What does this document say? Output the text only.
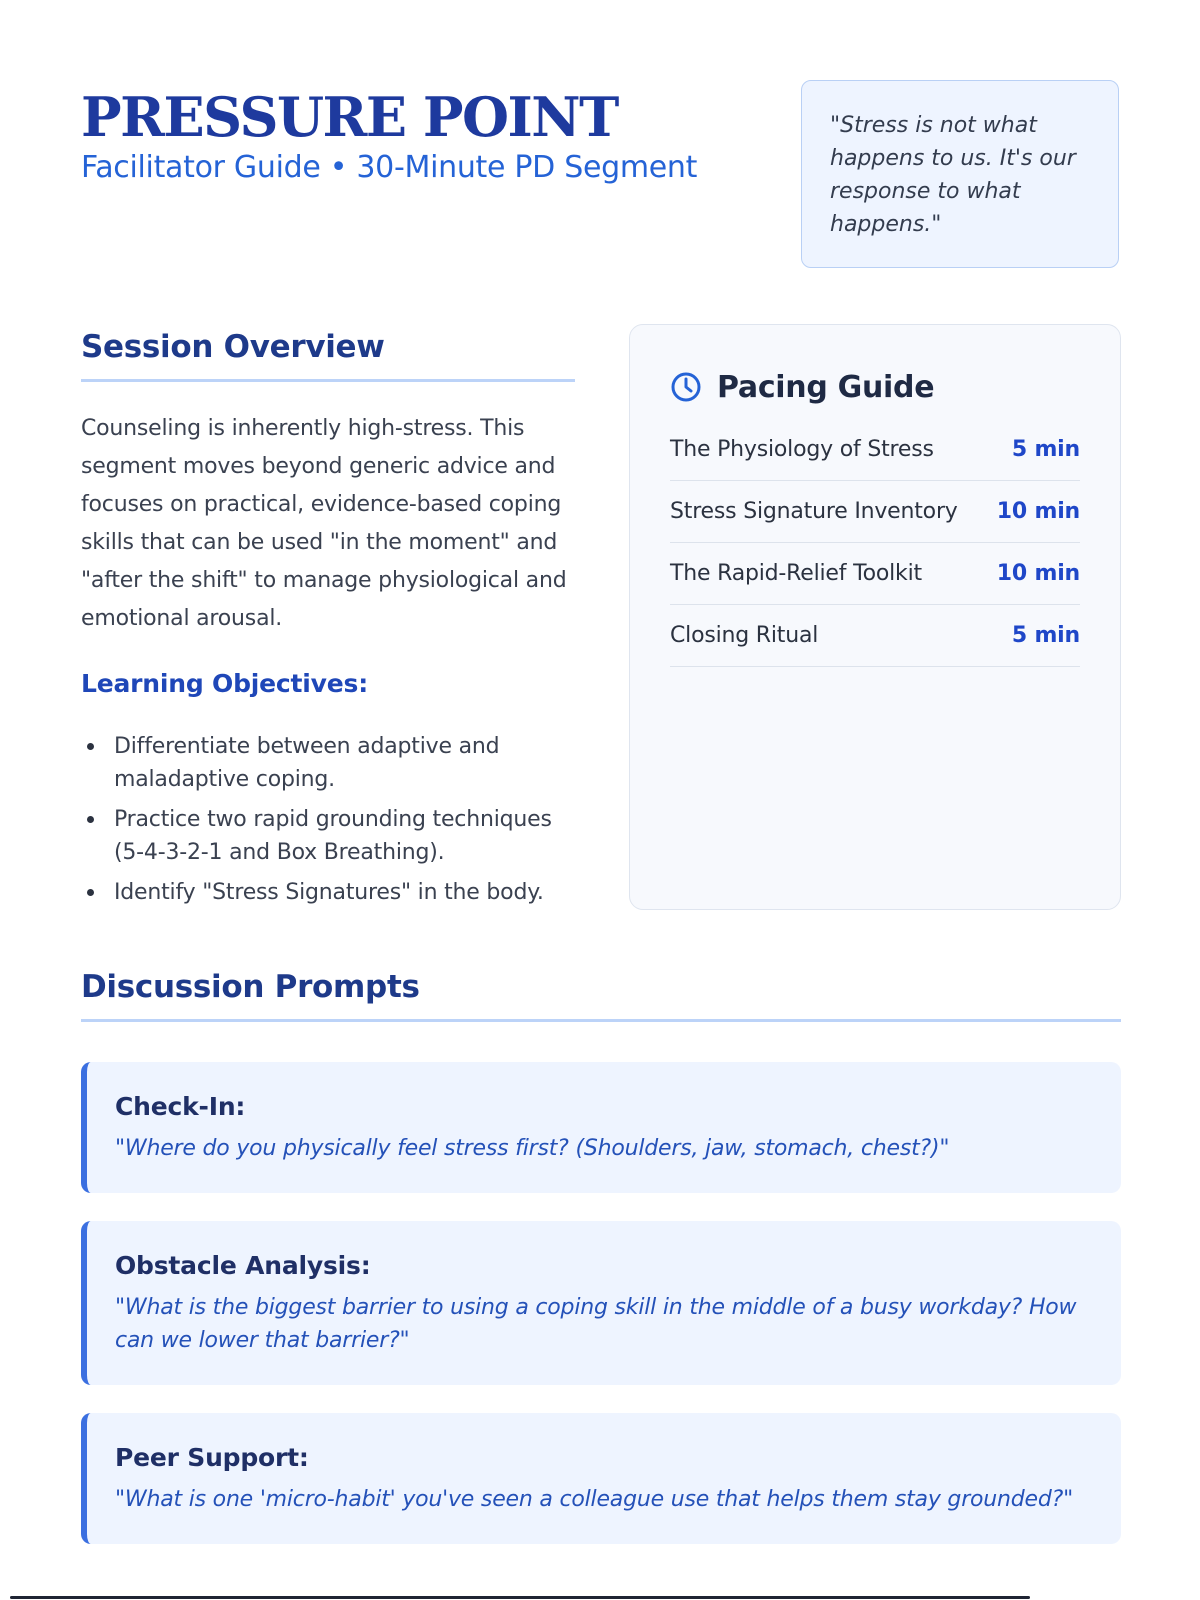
PRESSURE POINT
Facilitator Guide • 30-Minute PD Segment
"Stress is not what happens to us. It's our response to what happens."
Session Overview
Counseling is inherently high-stress. This segment moves beyond generic advice and focuses on practical, evidence-based coping skills that can be used "in the moment" and "after the shift" to manage physiological and emotional arousal.
Learning Objectives:
Differentiate between adaptive and maladaptive coping.
Practice two rapid grounding techniques (5-4-3-2-1 and Box Breathing).
Identify "Stress Signatures" in the body.
Pacing Guide
The Physiology of Stress	5 min
Stress Signature Inventory 10 min
The Rapid-Relief Toolkit	10 min
Closing Ritual	5 min
Discussion Prompts
Check-In:
"Where do you physically feel stress first? (Shoulders, jaw, stomach, chest?)"
Obstacle Analysis:
"What is the biggest barrier to using a coping skill in the middle of a busy workday? How can we lower that barrier?"
Peer Support:
"What is one 'micro-habit' you've seen a colleague use that helps them stay grounded?"
